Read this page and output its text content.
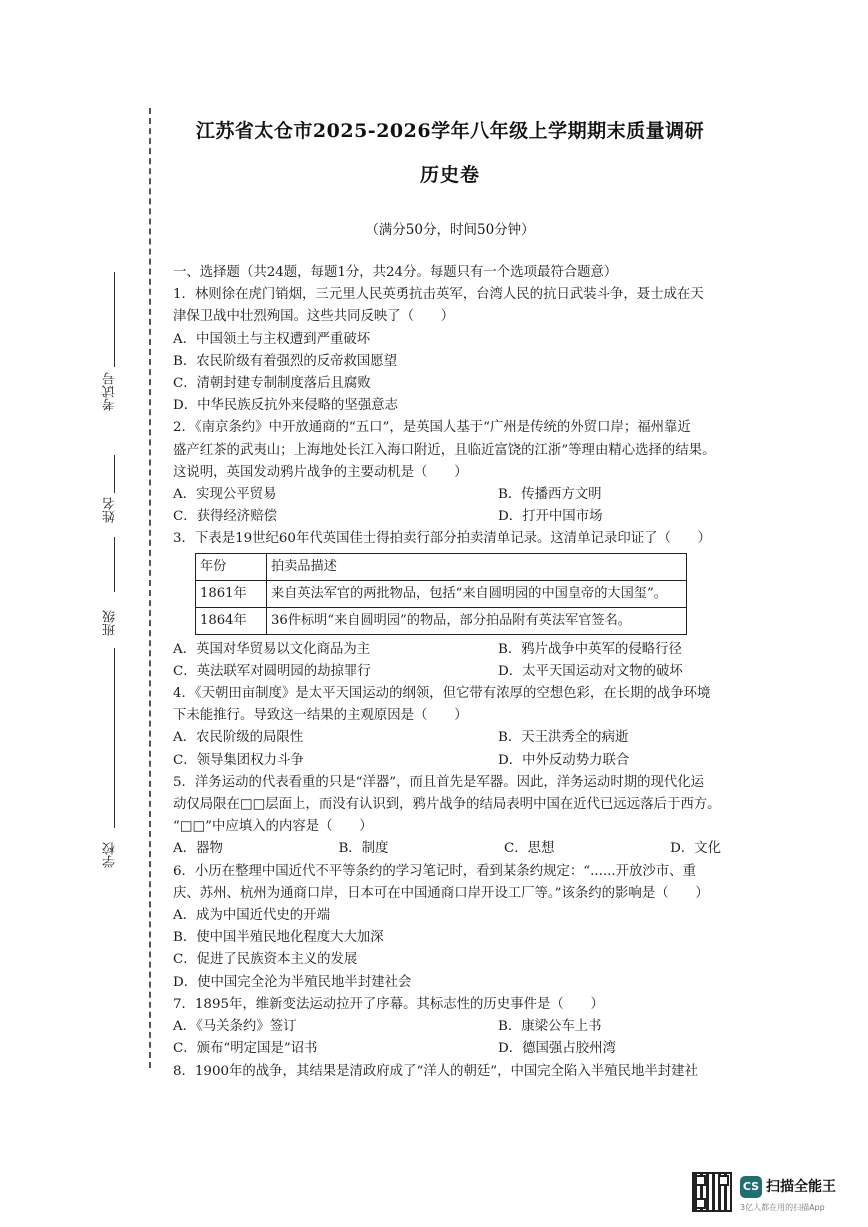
考试号
姓名
班级
学校
江苏省太仓市2025-2026学年八年级上学期期末质量调研
历史卷
（满分50分，时间50分钟）
一、选择题（共24题，每题1分，共24分。每题只有一个选项最符合题意）
1．林则徐在虎门销烟，三元里人民英勇抗击英军，台湾人民的抗日武装斗争，聂士成在天
津保卫战中壮烈殉国。这些共同反映了（　　）
A．中国领土与主权遭到严重破坏
B．农民阶级有着强烈的反帝救国愿望
C．清朝封建专制制度落后且腐败
D．中华民族反抗外来侵略的坚强意志
2．《南京条约》中开放通商的“五口”，是英国人基于“广州是传统的外贸口岸；福州靠近
盛产红茶的武夷山；上海地处长江入海口附近，且临近富饶的江浙”等理由精心选择的结果。
这说明，英国发动鸦片战争的主要动机是（　　）
A．实现公平贸易	B．传播西方文明
C．获得经济赔偿	D．打开中国市场
3．下表是19世纪60年代英国佳士得拍卖行部分拍卖清单记录。这清单记录印证了（　　）
年份	拍卖品描述
1861年	来自英法军官的两批物品，包括“来自圆明园的中国皇帝的大国玺”。
1864年	36件标明“来自圆明园”的物品，部分拍品附有英法军官签名。
A．英国对华贸易以文化商品为主	B．鸦片战争中英军的侵略行径
C．英法联军对圆明园的劫掠罪行	D．太平天国运动对文物的破坏
4．《天朝田亩制度》是太平天国运动的纲领，但它带有浓厚的空想色彩，在长期的战争环境
下未能推行。导致这一结果的主观原因是（　　）
A．农民阶级的局限性	B．天王洪秀全的病逝
C．领导集团权力斗争	D．中外反动势力联合
5．洋务运动的代表看重的只是“洋器”，而且首先是军器。因此，洋务运动时期的现代化运
动仅局限在□□层面上，而没有认识到，鸦片战争的结局表明中国在近代已远远落后于西方。
“□□”中应填入的内容是（　　）
A．器物	B．制度	C．思想	D．文化
6．小历在整理中国近代不平等条约的学习笔记时，看到某条约规定：“......开放沙市、重
庆、苏州、杭州为通商口岸，日本可在中国通商口岸开设工厂等。”该条约的影响是（　　）
A．成为中国近代史的开端
B．使中国半殖民地化程度大大加深
C．促进了民族资本主义的发展
D．使中国完全沦为半殖民地半封建社会
7．1895年，维新变法运动拉开了序幕。其标志性的历史事件是（　　）
A．《马关条约》签订	B．康梁公车上书
C．颁布“明定国是”诏书	D．德国强占胶州湾
8．1900年的战争，其结果是清政府成了“洋人的朝廷”，中国完全陷入半殖民地半封建社
CS 扫描全能王
3亿人都在用的扫描App
